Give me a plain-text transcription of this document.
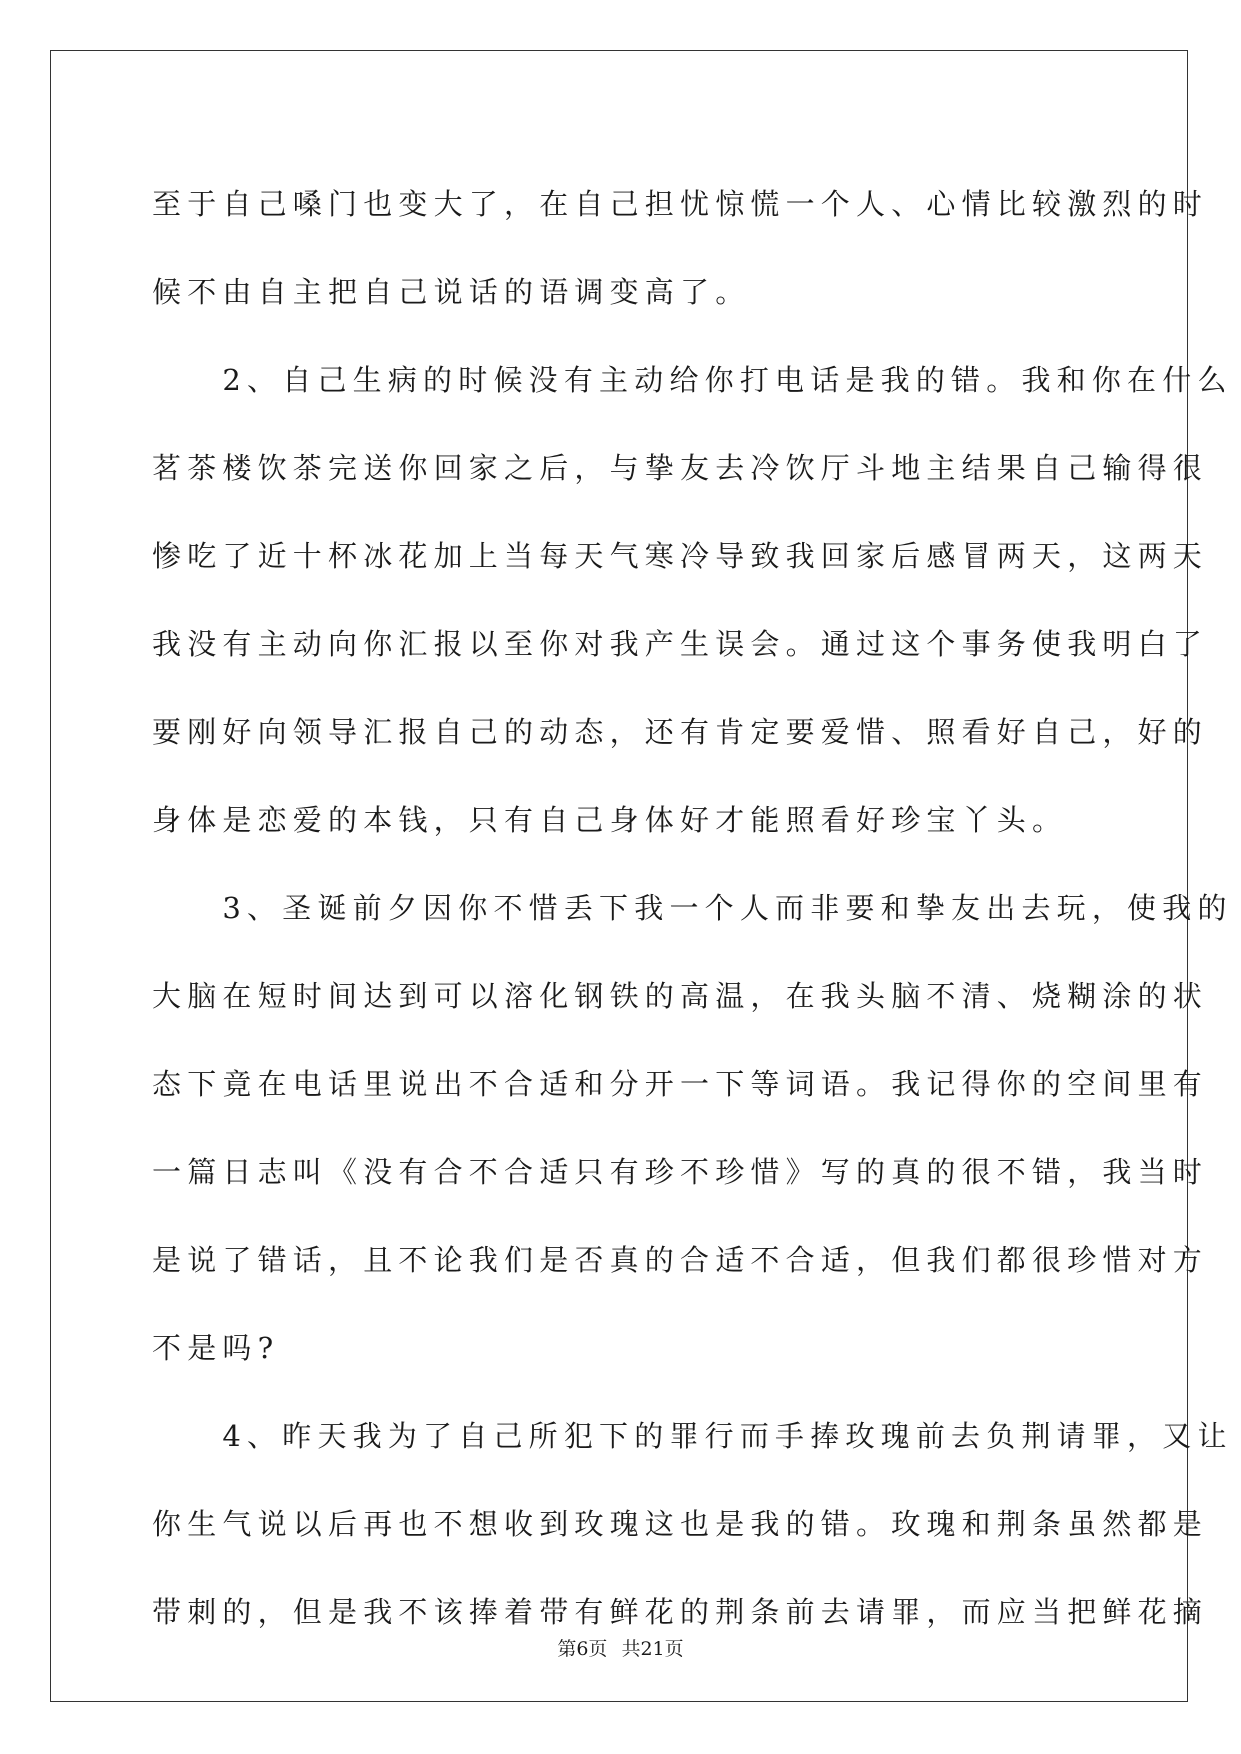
至于自己嗓门也变大了，在自己担忧惊慌一个人、心情比较激烈的时
候不由自主把自己说话的语调变高了。
　　2、自己生病的时候没有主动给你打电话是我的错。我和你在什么
茗茶楼饮茶完送你回家之后，与挚友去冷饮厅斗地主结果自己输得很
惨吃了近十杯冰花加上当每天气寒冷导致我回家后感冒两天，这两天
我没有主动向你汇报以至你对我产生误会。通过这个事务使我明白了
要刚好向领导汇报自己的动态，还有肯定要爱惜、照看好自己，好的
身体是恋爱的本钱，只有自己身体好才能照看好珍宝丫头。
　　3、圣诞前夕因你不惜丢下我一个人而非要和挚友出去玩，使我的
大脑在短时间达到可以溶化钢铁的高温，在我头脑不清、烧糊涂的状
态下竟在电话里说出不合适和分开一下等词语。我记得你的空间里有
一篇日志叫《没有合不合适只有珍不珍惜》写的真的很不错，我当时
是说了错话，且不论我们是否真的合适不合适，但我们都很珍惜对方
不是吗?
　　4、昨天我为了自己所犯下的罪行而手捧玫瑰前去负荆请罪，又让
你生气说以后再也不想收到玫瑰这也是我的错。玫瑰和荆条虽然都是
带刺的，但是我不该捧着带有鲜花的荆条前去请罪，而应当把鲜花摘
第6页 共21页
